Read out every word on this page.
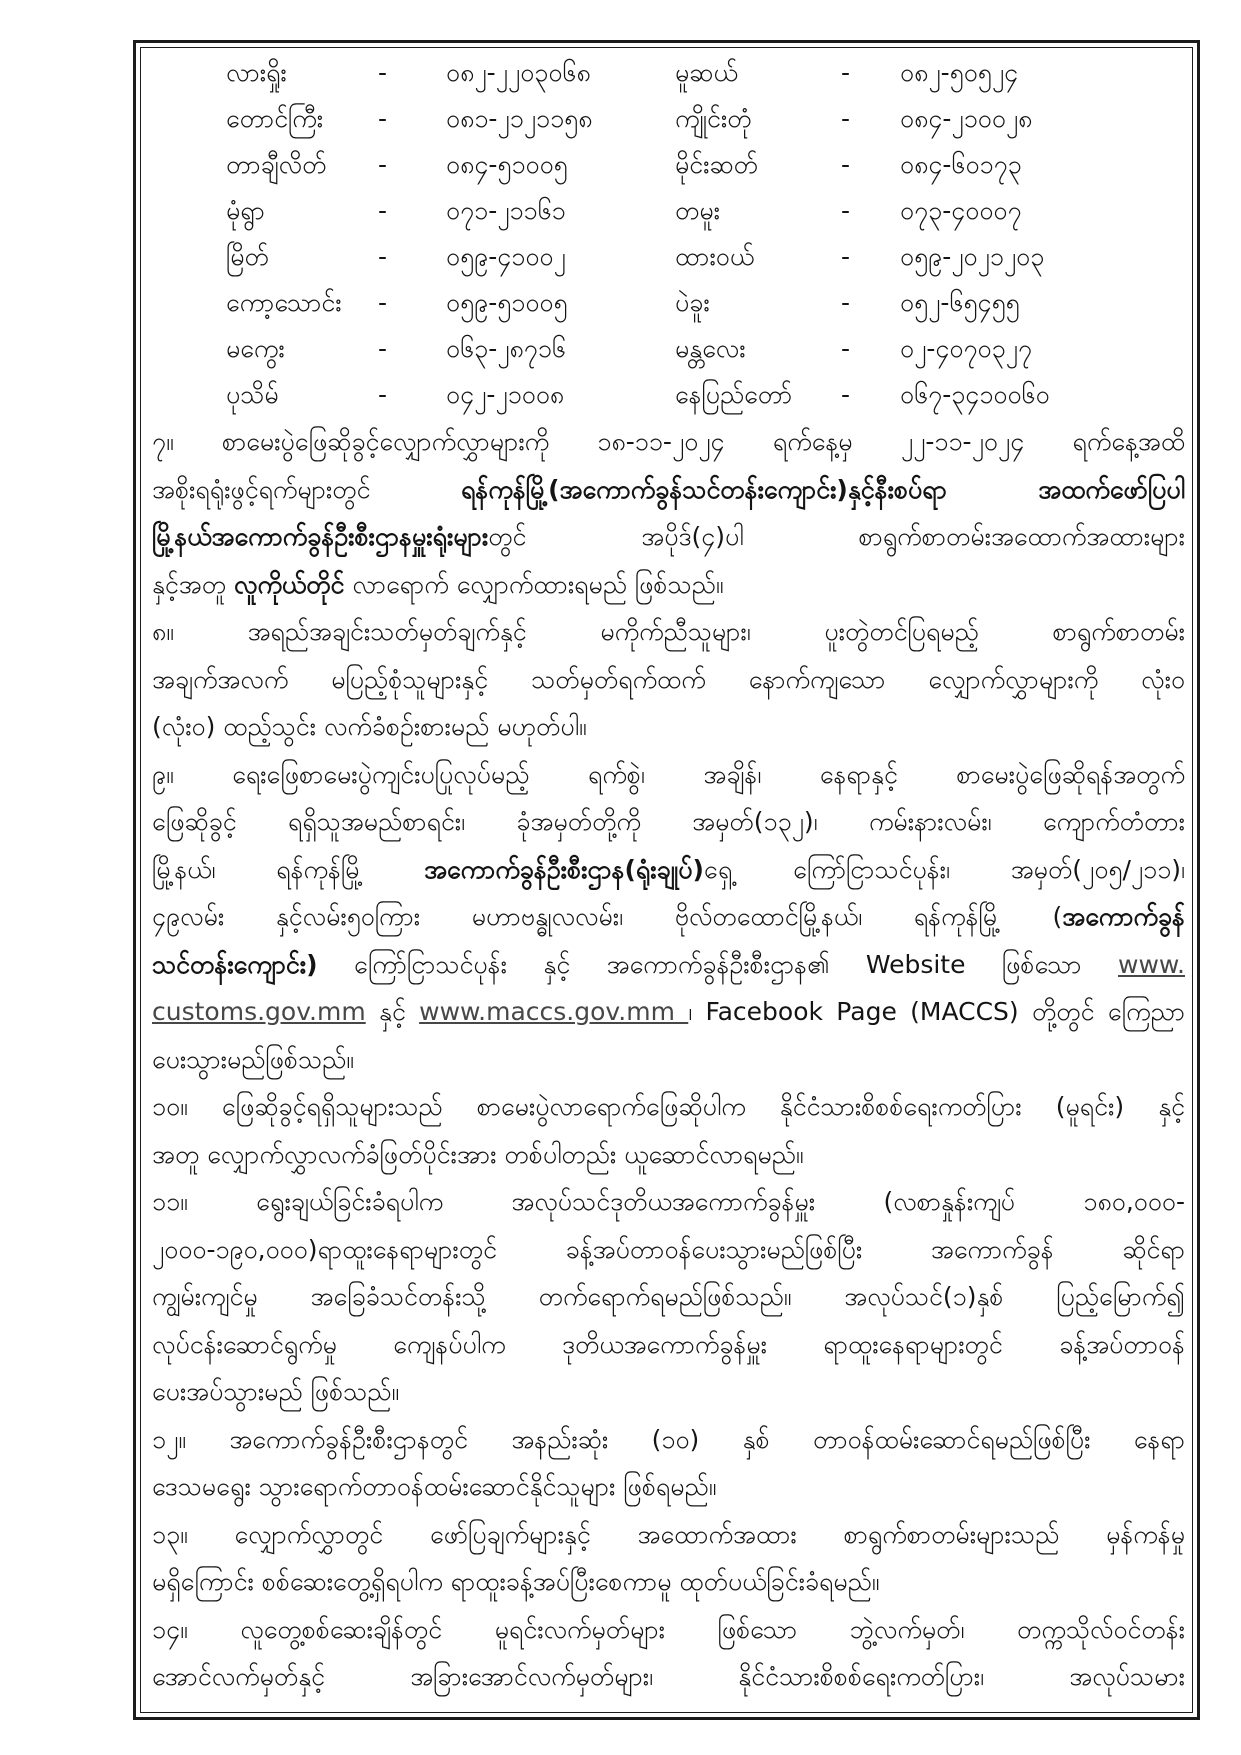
လားရှိုး	-	၀၈၂-၂၂၀၃၀၆၈	မူဆယ်	-	၀၈၂-၅၀၅၂၄
တောင်ကြီး	-	၀၈၁-၂၁၂၁၁၅၈	ကျိုင်းတုံ	-	၀၈၄-၂၁၀၀၂၈
တာချီလိတ်	-	၀၈၄-၅၁၀၀၅	မိုင်းဆတ်	-	၀၈၄-၆၀၁၇၃
မုံရွာ	-	၀၇၁-၂၁၁၆၁	တမူး	-	၀၇၃-၄၀၀၀၇
မြိတ်	-	၀၅၉-၄၁၀၀၂	ထားဝယ်	-	၀၅၉-၂၀၂၁၂၀၃
ကော့သောင်း	-	၀၅၉-၅၁၀၀၅	ပဲခူး	-	၀၅၂-၆၅၄၅၅
မကွေး	-	၀၆၃-၂၈၇၁၆	မန္တလေး	-	၀၂-၄၀၇၀၃၂၇
ပုသိမ်	-	၀၄၂-၂၁၀၀၈	နေပြည်တော်	-	၀၆၇-၃၄၁၀၀၆၀
၇။ စာမေးပွဲဖြေဆိုခွင့်လျှောက်လွှာများကို ၁၈-၁၁-၂၀၂၄ ရက်နေ့မှ ၂၂-၁၁-၂၀၂၄ ရက်နေ့အထိ
အစိုးရရုံးဖွင့်ရက်များတွင် ရန်ကုန်မြို့(အကောက်ခွန်သင်တန်းကျောင်း)နှင့်နီးစပ်ရာ အထက်ဖော်ပြပါ
မြို့နယ်အကောက်ခွန်ဦးစီးဌာနမှူးရုံးများတွင် အပိုဒ်(၄)ပါ စာရွက်စာတမ်းအထောက်အထားများ
နှင့်အတူ လူကိုယ်တိုင် လာရောက် လျှောက်ထားရမည် ဖြစ်သည်။
၈။	အရည်အချင်းသတ်မှတ်ချက်နှင့် မကိုက်ညီသူများ၊ ပူးတွဲတင်ပြရမည့် စာရွက်စာတမ်း
အချက်အလက် မပြည့်စုံသူများနှင့် သတ်မှတ်ရက်ထက် နောက်ကျသော လျှောက်လွှာများကို လုံးဝ
(လုံးဝ) ထည့်သွင်း လက်ခံစဉ်းစားမည် မဟုတ်ပါ။
၉။ ရေးဖြေစာမေးပွဲကျင်းပပြုလုပ်မည့် ရက်စွဲ၊ အချိန်၊ နေရာနှင့် စာမေးပွဲဖြေဆိုရန်အတွက်
ဖြေဆိုခွင့် ရရှိသူအမည်စာရင်း၊ ခုံအမှတ်တို့ကို အမှတ်(၁၃၂)၊ ကမ်းနားလမ်း၊ ကျောက်တံတား
မြို့နယ်၊ ရန်ကုန်မြို့ အကောက်ခွန်ဦးစီးဌာန(ရုံးချုပ်)ရှေ့ ကြော်ငြာသင်ပုန်း၊ အမှတ်(၂၀၅/၂၁၁)၊
၄၉လမ်း နှင့်လမ်း၅၀ကြား မဟာဗန္ဓုလလမ်း၊ ဗိုလ်တထောင်မြို့နယ်၊ ရန်ကုန်မြို့ (အကောက်ခွန်
သင်တန်းကျောင်း) ကြော်ငြာသင်ပုန်း နှင့် အကောက်ခွန်ဦးစီးဌာန၏ Website ဖြစ်သော www.
customs.gov.mm နှင့် www.maccs.gov.mm ၊ Facebook Page (MACCS) တို့တွင် ကြေညာ
ပေးသွားမည်ဖြစ်သည်။
၁၀။ ဖြေဆိုခွင့်ရရှိသူများသည် စာမေးပွဲလာရောက်ဖြေဆိုပါက နိုင်ငံသားစိစစ်ရေးကတ်ပြား (မူရင်း) နှင့်
အတူ လျှောက်လွှာလက်ခံဖြတ်ပိုင်းအား တစ်ပါတည်း ယူဆောင်လာရမည်။
၁၁။	ရွေးချယ်ခြင်းခံရပါက အလုပ်သင်ဒုတိယအကောက်ခွန်မှူး (လစာနှုန်းကျပ် ၁၈၀,၀၀၀-
၂၀၀၀-၁၉၀,၀၀၀)ရာထူးနေရာများတွင် ခန့်အပ်တာဝန်ပေးသွားမည်ဖြစ်ပြီး အကောက်ခွန် ဆိုင်ရာ
ကျွမ်းကျင်မှု အခြေခံသင်တန်းသို့ တက်ရောက်ရမည်ဖြစ်သည်။ အလုပ်သင်(၁)နှစ် ပြည့်မြောက်၍
လုပ်ငန်းဆောင်ရွက်မှု ကျေနပ်ပါက ဒုတိယအကောက်ခွန်မှူး ရာထူးနေရာများတွင် ခန့်အပ်တာဝန်
ပေးအပ်သွားမည် ဖြစ်သည်။
၁၂။ အကောက်ခွန်ဦးစီးဌာနတွင် အနည်းဆုံး (၁၀) နှစ် တာဝန်ထမ်းဆောင်ရမည်ဖြစ်ပြီး နေရာ
ဒေသမရွေး သွားရောက်တာဝန်ထမ်းဆောင်နိုင်သူများ ဖြစ်ရမည်။
၁၃။ လျှောက်လွှာတွင် ဖော်ပြချက်များနှင့် အထောက်အထား စာရွက်စာတမ်းများသည် မှန်ကန်မှု
မရှိကြောင်း စစ်ဆေးတွေ့ရှိရပါက ရာထူးခန့်အပ်ပြီးစေကာမူ ထုတ်ပယ်ခြင်းခံရမည်။
၁၄။ လူတွေ့စစ်ဆေးချိန်တွင် မူရင်းလက်မှတ်များ ဖြစ်သော ဘွဲ့လက်မှတ်၊ တက္ကသိုလ်ဝင်တန်း
အောင်လက်မှတ်နှင့် အခြားအောင်လက်မှတ်များ၊ နိုင်ငံသားစိစစ်ရေးကတ်ပြား၊ အလုပ်သမား
